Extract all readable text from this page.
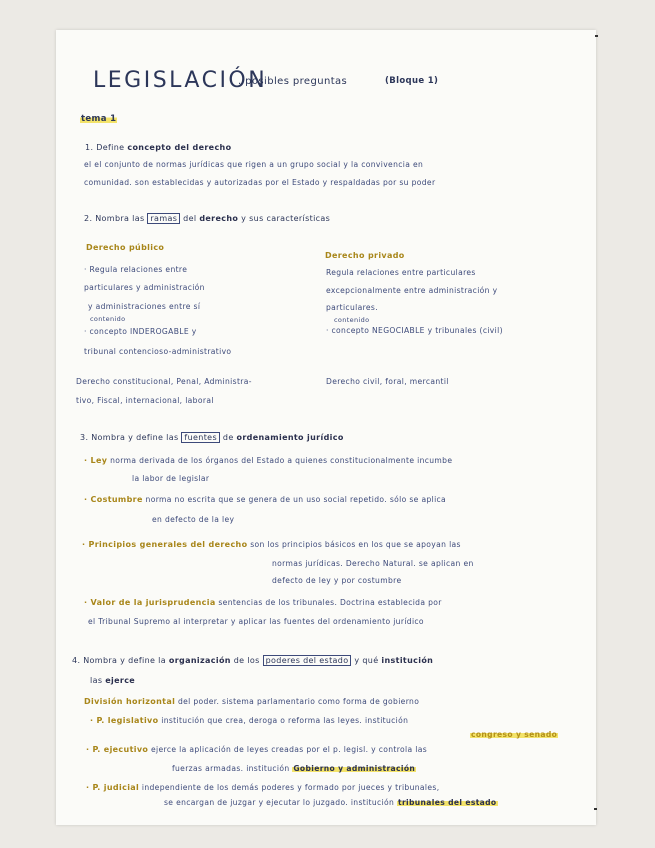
LEGISLACIÓN
. posibles preguntas	(Bloque 1)
tema 1
1. Define concepto del derecho
el el conjunto de normas jurídicas que rigen a un grupo social y la convivencia en
comunidad. son establecidas y autorizadas por el Estado y respaldadas por su poder
2. Nombra las ramas del derecho y sus características
Derecho público
· Regula relaciones entre
particulares y administración
y administraciones entre sí
contenido
· concepto INDEROGABLE y
tribunal contencioso-administrativo
Derecho constitucional, Penal, Administra-
tivo, Fiscal, internacional, laboral
Derecho privado
Regula relaciones entre particulares
excepcionalmente entre administración y
particulares.
contenido
· concepto NEGOCIABLE y tribunales (civil)
Derecho civil, foral, mercantil
3. Nombra y define las fuentes de ordenamiento jurídico
· Ley norma derivada de los órganos del Estado a quienes constitucionalmente incumbe
la labor de legislar
· Costumbre norma no escrita que se genera de un uso social repetido. sólo se aplica
en defecto de la ley
· Principios generales del derecho son los principios básicos en los que se apoyan las
normas jurídicas. Derecho Natural. se aplican en
defecto de ley y por costumbre
· Valor de la jurisprudencia sentencias de los tribunales. Doctrina establecida por
el Tribunal Supremo al interpretar y aplicar las fuentes del ordenamiento jurídico
4. Nombra y define la organización de los poderes del estado y qué institución
las ejerce
División horizontal del poder. sistema parlamentario como forma de gobierno
· P. legislativo institución que crea, deroga o reforma las leyes. institución
congreso y senado
· P. ejecutivo ejerce la aplicación de leyes creadas por el p. legisl. y controla las
fuerzas armadas. institución Gobierno y administración
· P. judicial independiente de los demás poderes y formado por jueces y tribunales,
se encargan de juzgar y ejecutar lo juzgado. institución tribunales del estado
